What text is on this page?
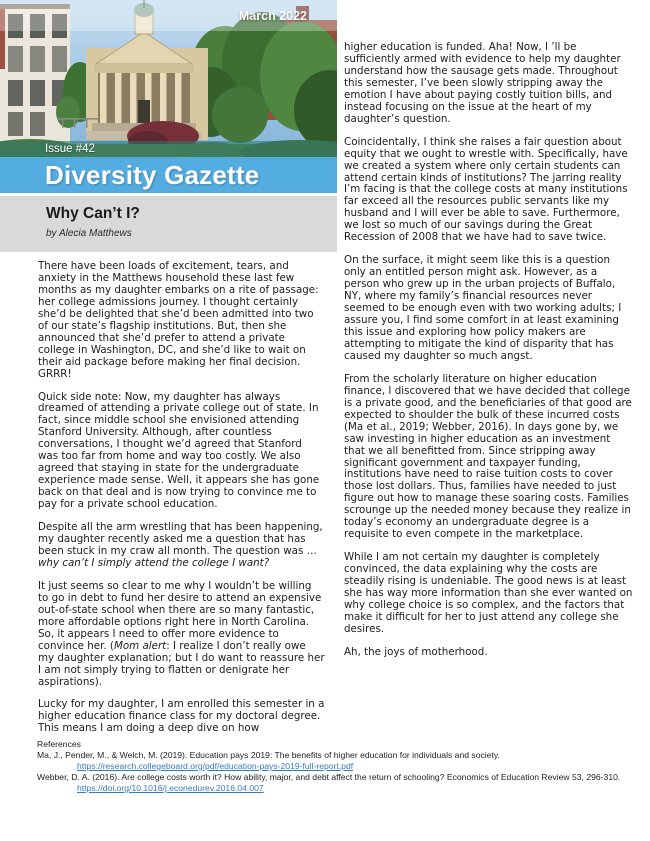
March 2022
Issue #42
Diversity Gazette
Why Can’t I?
by Alecia Matthews

There have been loads of excitement, tears, and anxiety in the Matthews household these last few months as my daughter embarks on a rite of passage: her college admissions journey. I thought certainly she’d be delighted that she’d been admitted into two of our state’s flagship institutions. But, then she announced that she’d prefer to attend a private college in Washington, DC, and she’d like to wait on their aid package before making her final decision. GRRR!

Quick side note: Now, my daughter has always dreamed of attending a private college out of state. In fact, since middle school she envisioned attending Stanford University. Although, after countless conversations, I thought we’d agreed that Stanford was too far from home and way too costly. We also agreed that staying in state for the undergraduate experience made sense. Well, it appears she has gone back on that deal and is now trying to convince me to pay for a private school education.

Despite all the arm wrestling that has been happening, my daughter recently asked me a question that has been stuck in my craw all month. The question was … why can’t I simply attend the college I want?

It just seems so clear to me why I wouldn’t be willing to go in debt to fund her desire to attend an expensive out-of-state school when there are so many fantastic, more affordable options right here in North Carolina. So, it appears I need to offer more evidence to convince her. (Mom alert: I realize I don’t really owe my daughter explanation; but I do want to reassure her I am not simply trying to flatten or denigrate her aspirations).

Lucky for my daughter, I am enrolled this semester in a higher education finance class for my doctoral degree. This means I am doing a deep dive on how

higher education is funded. Aha! Now, I ’ll be sufficiently armed with evidence to help my daughter understand how the sausage gets made. Throughout this semester, I’ve been slowly stripping away the emotion I have about paying costly tuition bills, and instead focusing on the issue at the heart of my daughter’s question.

Coincidentally, I think she raises a fair question about equity that we ought to wrestle with. Specifically, have we created a system where only certain students can attend certain kinds of institutions? The jarring reality I’m facing is that the college costs at many institutions far exceed all the resources public servants like my husband and I will ever be able to save. Furthermore, we lost so much of our savings during the Great Recession of 2008 that we have had to save twice.

On the surface, it might seem like this is a question only an entitled person might ask. However, as a person who grew up in the urban projects of Buffalo, NY, where my family’s financial resources never seemed to be enough even with two working adults; I assure you, I find some comfort in at least examining this issue and exploring how policy makers are attempting to mitigate the kind of disparity that has caused my daughter so much angst.

From the scholarly literature on higher education finance, I discovered that we have decided that college is a private good, and the beneficiaries of that good are expected to shoulder the bulk of these incurred costs (Ma et al., 2019; Webber, 2016). In days gone by, we saw investing in higher education as an investment that we all benefitted from. Since stripping away significant government and taxpayer funding, institutions have need to raise tuition costs to cover those lost dollars. Thus, families have needed to just figure out how to manage these soaring costs. Families scrounge up the needed money because they realize in today’s economy an undergraduate degree is a requisite to even compete in the marketplace.

While I am not certain my daughter is completely convinced, the data explaining why the costs are steadily rising is undeniable. The good news is at least she has way more information than she ever wanted on why college choice is so complex, and the factors that make it difficult for her to just attend any college she desires.

Ah, the joys of motherhood.

References
Ma, J., Pender, M., & Welch, M. (2019). Education pays 2019: The benefits of higher education for individuals and society.
https://research.collegeboard.org/pdf/education-pays-2019-full-report.pdf
Webber, D. A. (2016). Are college costs worth it? How ability, major, and debt affect the return of schooling? Economics of Education Review 53, 296-310.
https://doi.org/10.1016/j.econedurev.2016.04.007
